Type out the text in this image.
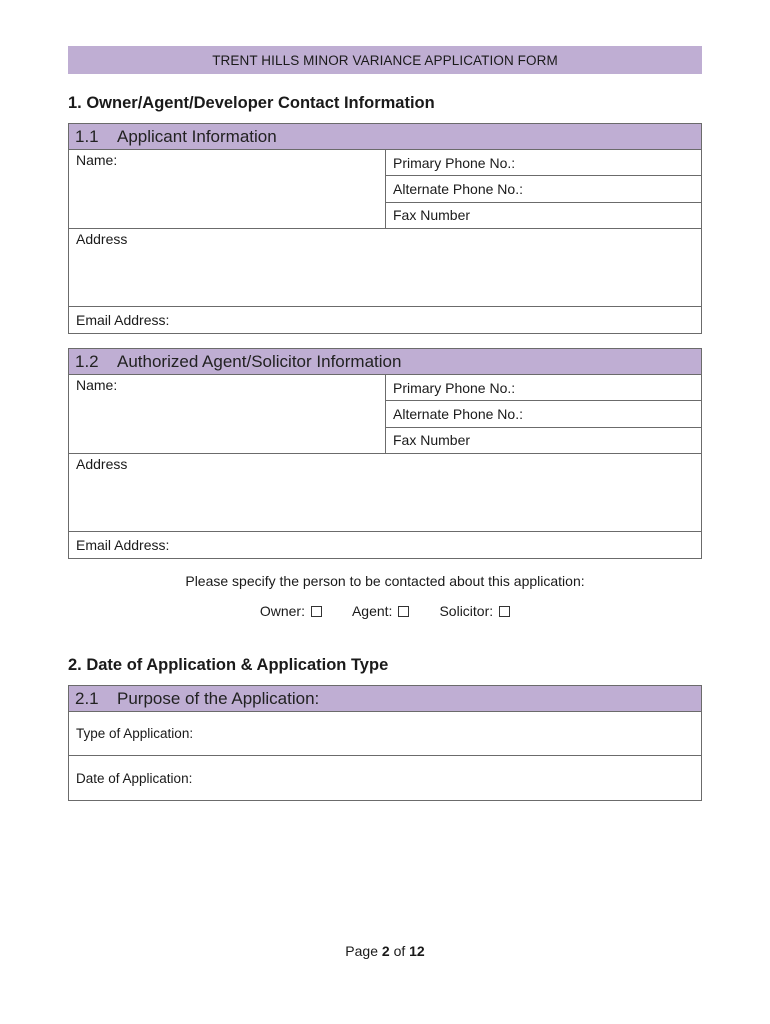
TRENT HILLS MINOR VARIANCE APPLICATION FORM
1. Owner/Agent/Developer Contact Information
1.1	Applicant Information
Name:	Primary Phone No.:
Alternate Phone No.:
Fax Number
Address
Email Address:
1.2	Authorized Agent/Solicitor Information
Name:	Primary Phone No.:
Alternate Phone No.:
Fax Number
Address
Email Address:
Please specify the person to be contacted about this application:
Owner:	Agent:	Solicitor:
2. Date of Application & Application Type
2.1	Purpose of the Application:
Type of Application:
Date of Application:
Page 2 of 12
